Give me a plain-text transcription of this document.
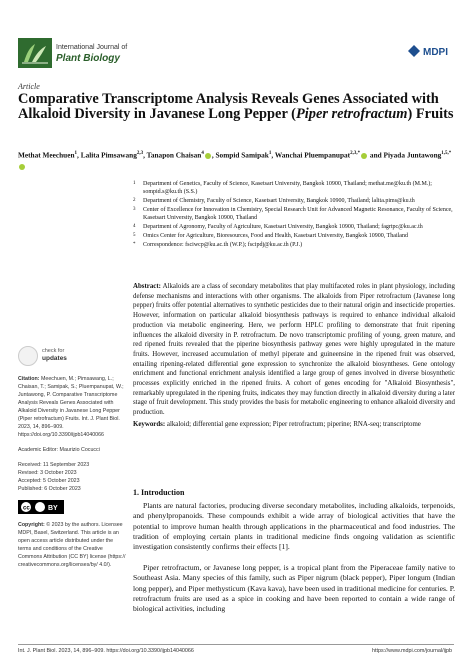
International Journal of
Plant Biology
MDPI
Article
Comparative Transcriptome Analysis Reveals Genes Associated with Alkaloid Diversity in Javanese Long Pepper (Piper retrofractum) Fruits
Methat Meechuen$^1$, Lalita Pimsawang$^{2,3}$, Tanapon Chaisan$^4$ , Sompid Samipak$^1$, Wanchai Pluempanupat$^{2,3,*}$ and Piyada Juntawong$^{1,5,*}$
1	Department of Genetics, Faculty of Science, Kasetsart University, Bangkok 10900, Thailand; methat.me@ku.th (M.M.); sompid.s@ku.th (S.S.)
2	Department of Chemistry, Faculty of Science, Kasetsart University, Bangkok 10900, Thailand; lalita.pims@ku.th
3	Center of Excellence for Innovation in Chemistry, Special Research Unit for Advanced Magnetic Resonance, Faculty of Science, Kasetsart University, Bangkok 10900, Thailand
4	Department of Agronomy, Faculty of Agriculture, Kasetsart University, Bangkok 10900, Thailand; fagrtpc@ku.ac.th
5	Omics Center for Agriculture, Bioresources, Food and Health, Kasetsart University, Bangkok 10900, Thailand
*	Correspondence: fsciwcp@ku.ac.th (W.P.); fscipdj@ku.ac.th (P.J.)
Abstract: Alkaloids are a class of secondary metabolites that play multifaceted roles in plant physiology, including defense mechanisms and interactions with other organisms. The alkaloids from Piper retrofractum (Javanese long pepper) fruits offer potential alternatives to synthetic pesticides due to their natural origin and insecticide properties. However, information on particular alkaloid biosynthesis pathways is required to enhance individual alkaloid production via metabolic engineering. Here, we perform HPLC profiling to demonstrate that fruit ripening influences the alkaloid diversity in P. retrofractum. De novo transcriptomic profiling of young, green mature, and red ripened fruits revealed that the piperine biosynthesis pathway genes were highly upregulated in the mature fruits. However, increased accumulation of methyl piperate and guineensine in the ripened fruit was observed, entailing ripening-related differential gene expression to synchronize the alkaloid biosyntheses. Gene ontology enrichment and functional enrichment analysis identified a large group of genes involved in diverse biosynthetic processes explicitly enriched in the ripened fruits. A cohort of genes encoding for "Alkaloid Biosynthesis", remarkably upregulated in the ripening fruits, indicates they may function directly in alkaloid diversity during a later stage of fruit development. This study provides the basis for metabolic engineering to enhance alkaloid diversity and production.
Keywords: alkaloid; differential gene expression; Piper retrofractum; piperine; RNA-seq; transcriptome
check for
updates
Citation: Meechuen, M.; Pimsawang, L.; Chaisan, T.; Samipak, S.; Pluempanupat, W.; Juntawong, P. Comparative Transcriptome Analysis Reveals Genes Associated with Alkaloid Diversity in Javanese Long Pepper (Piper retrofractum) Fruits. Int. J. Plant Biol. 2023, 14, 896–909. https://doi.org/10.3390/ijpb14040066
Academic Editor: Maurizio Cocucci
Received: 11 September 2023
Revised: 3 October 2023
Accepted: 5 October 2023
Published: 6 October 2023
cc	BY
Copyright: © 2023 by the authors. Licensee MDPI, Basel, Switzerland. This article is an open access article distributed under the terms and conditions of the Creative Commons Attribution (CC BY) license (https:// creativecommons.org/licenses/by/ 4.0/).
1. Introduction
Plants are natural factories, producing diverse secondary metabolites, including alkaloids, terpenoids, and phenylpropanoids. These compounds exhibit a wide array of biological activities that have the potential to improve human health through applications in the pharmaceutical and food industries. The tradition of employing certain plants in traditional medicine finds ongoing validation as scientific investigation consistently confirms their effects [1].
Piper retrofractum, or Javanese long pepper, is a tropical plant from the Piperaceae family native to Southeast Asia. Many species of this family, such as Piper nigrum (black pepper), Piper longum (Indian long pepper), and Piper methysticum (Kava kava), have been used in traditional medicine for centuries. P. retrofractum fruits are used as a spice in cooking and have been reported to contain a wide range of biological activities, including
Int. J. Plant Biol. 2023, 14, 896–909. https://doi.org/10.3390/ijpb14040066	https://www.mdpi.com/journal/ijpb
